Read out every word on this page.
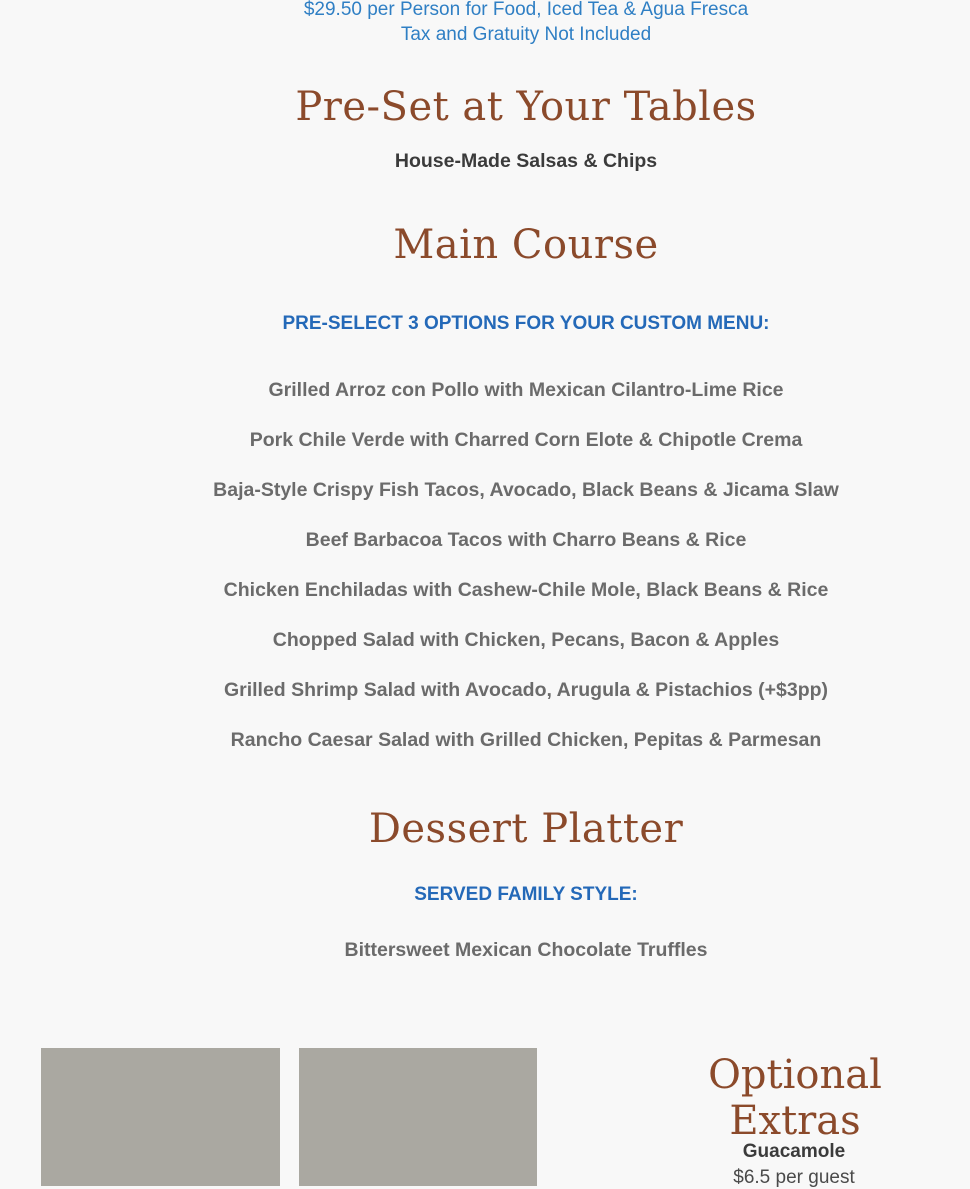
$29.50 per Person for Food, Iced Tea & Agua Fresca
Tax and Gratuity Not Included
Pre-Set at Your Tables
House-Made Salsas & Chips
Main Course
PRE-SELECT 3 OPTIONS FOR YOUR CUSTOM MENU:
Grilled Arroz con Pollo with Mexican Cilantro-Lime Rice
Pork Chile Verde with Charred Corn Elote & Chipotle Crema
Baja-Style Crispy Fish Tacos, Avocado, Black Beans & Jicama Slaw
Beef Barbacoa Tacos with Charro Beans & Rice
Chicken Enchiladas with Cashew-Chile Mole, Black Beans & Rice
Chopped Salad with Chicken, Pecans, Bacon & Apples
Grilled Shrimp Salad with Avocado, Arugula & Pistachios (+$3pp)
Rancho Caesar Salad with Grilled Chicken, Pepitas & Parmesan
Dessert Platter
SERVED FAMILY STYLE:
Bittersweet Mexican Chocolate Truffles
Optional Extras
Guacamole
$6.5 per guest
